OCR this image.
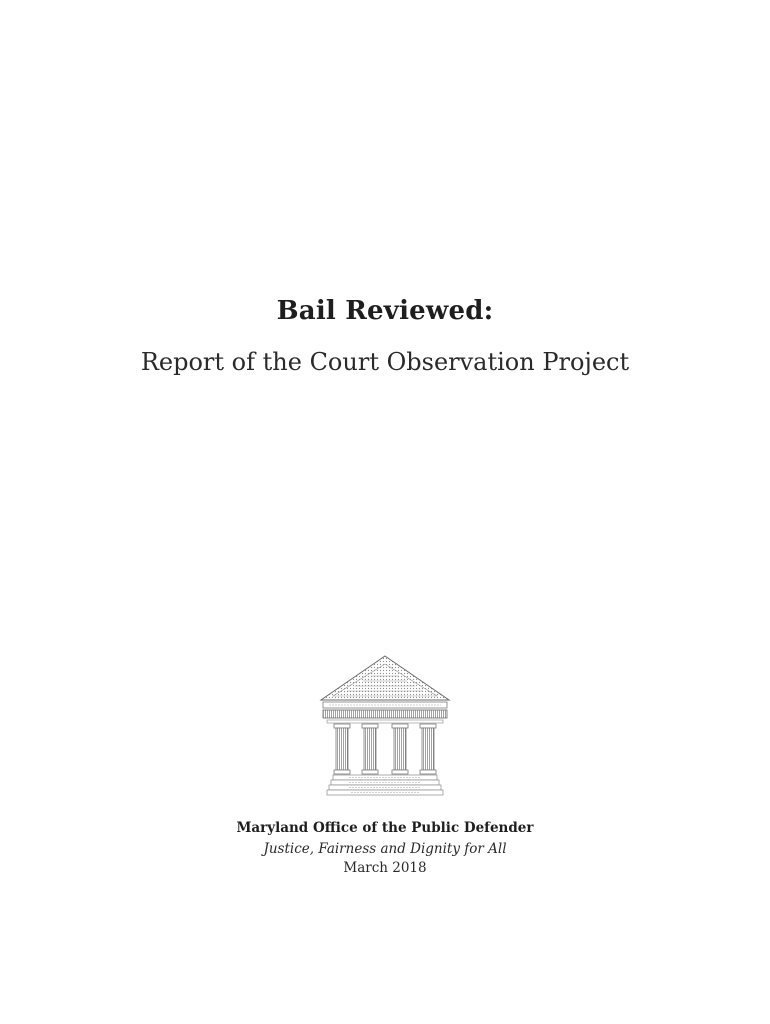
Bail Reviewed:
Report of the Court Observation Project
Maryland Office of the Public Defender
Justice, Fairness and Dignity for All
March 2018
